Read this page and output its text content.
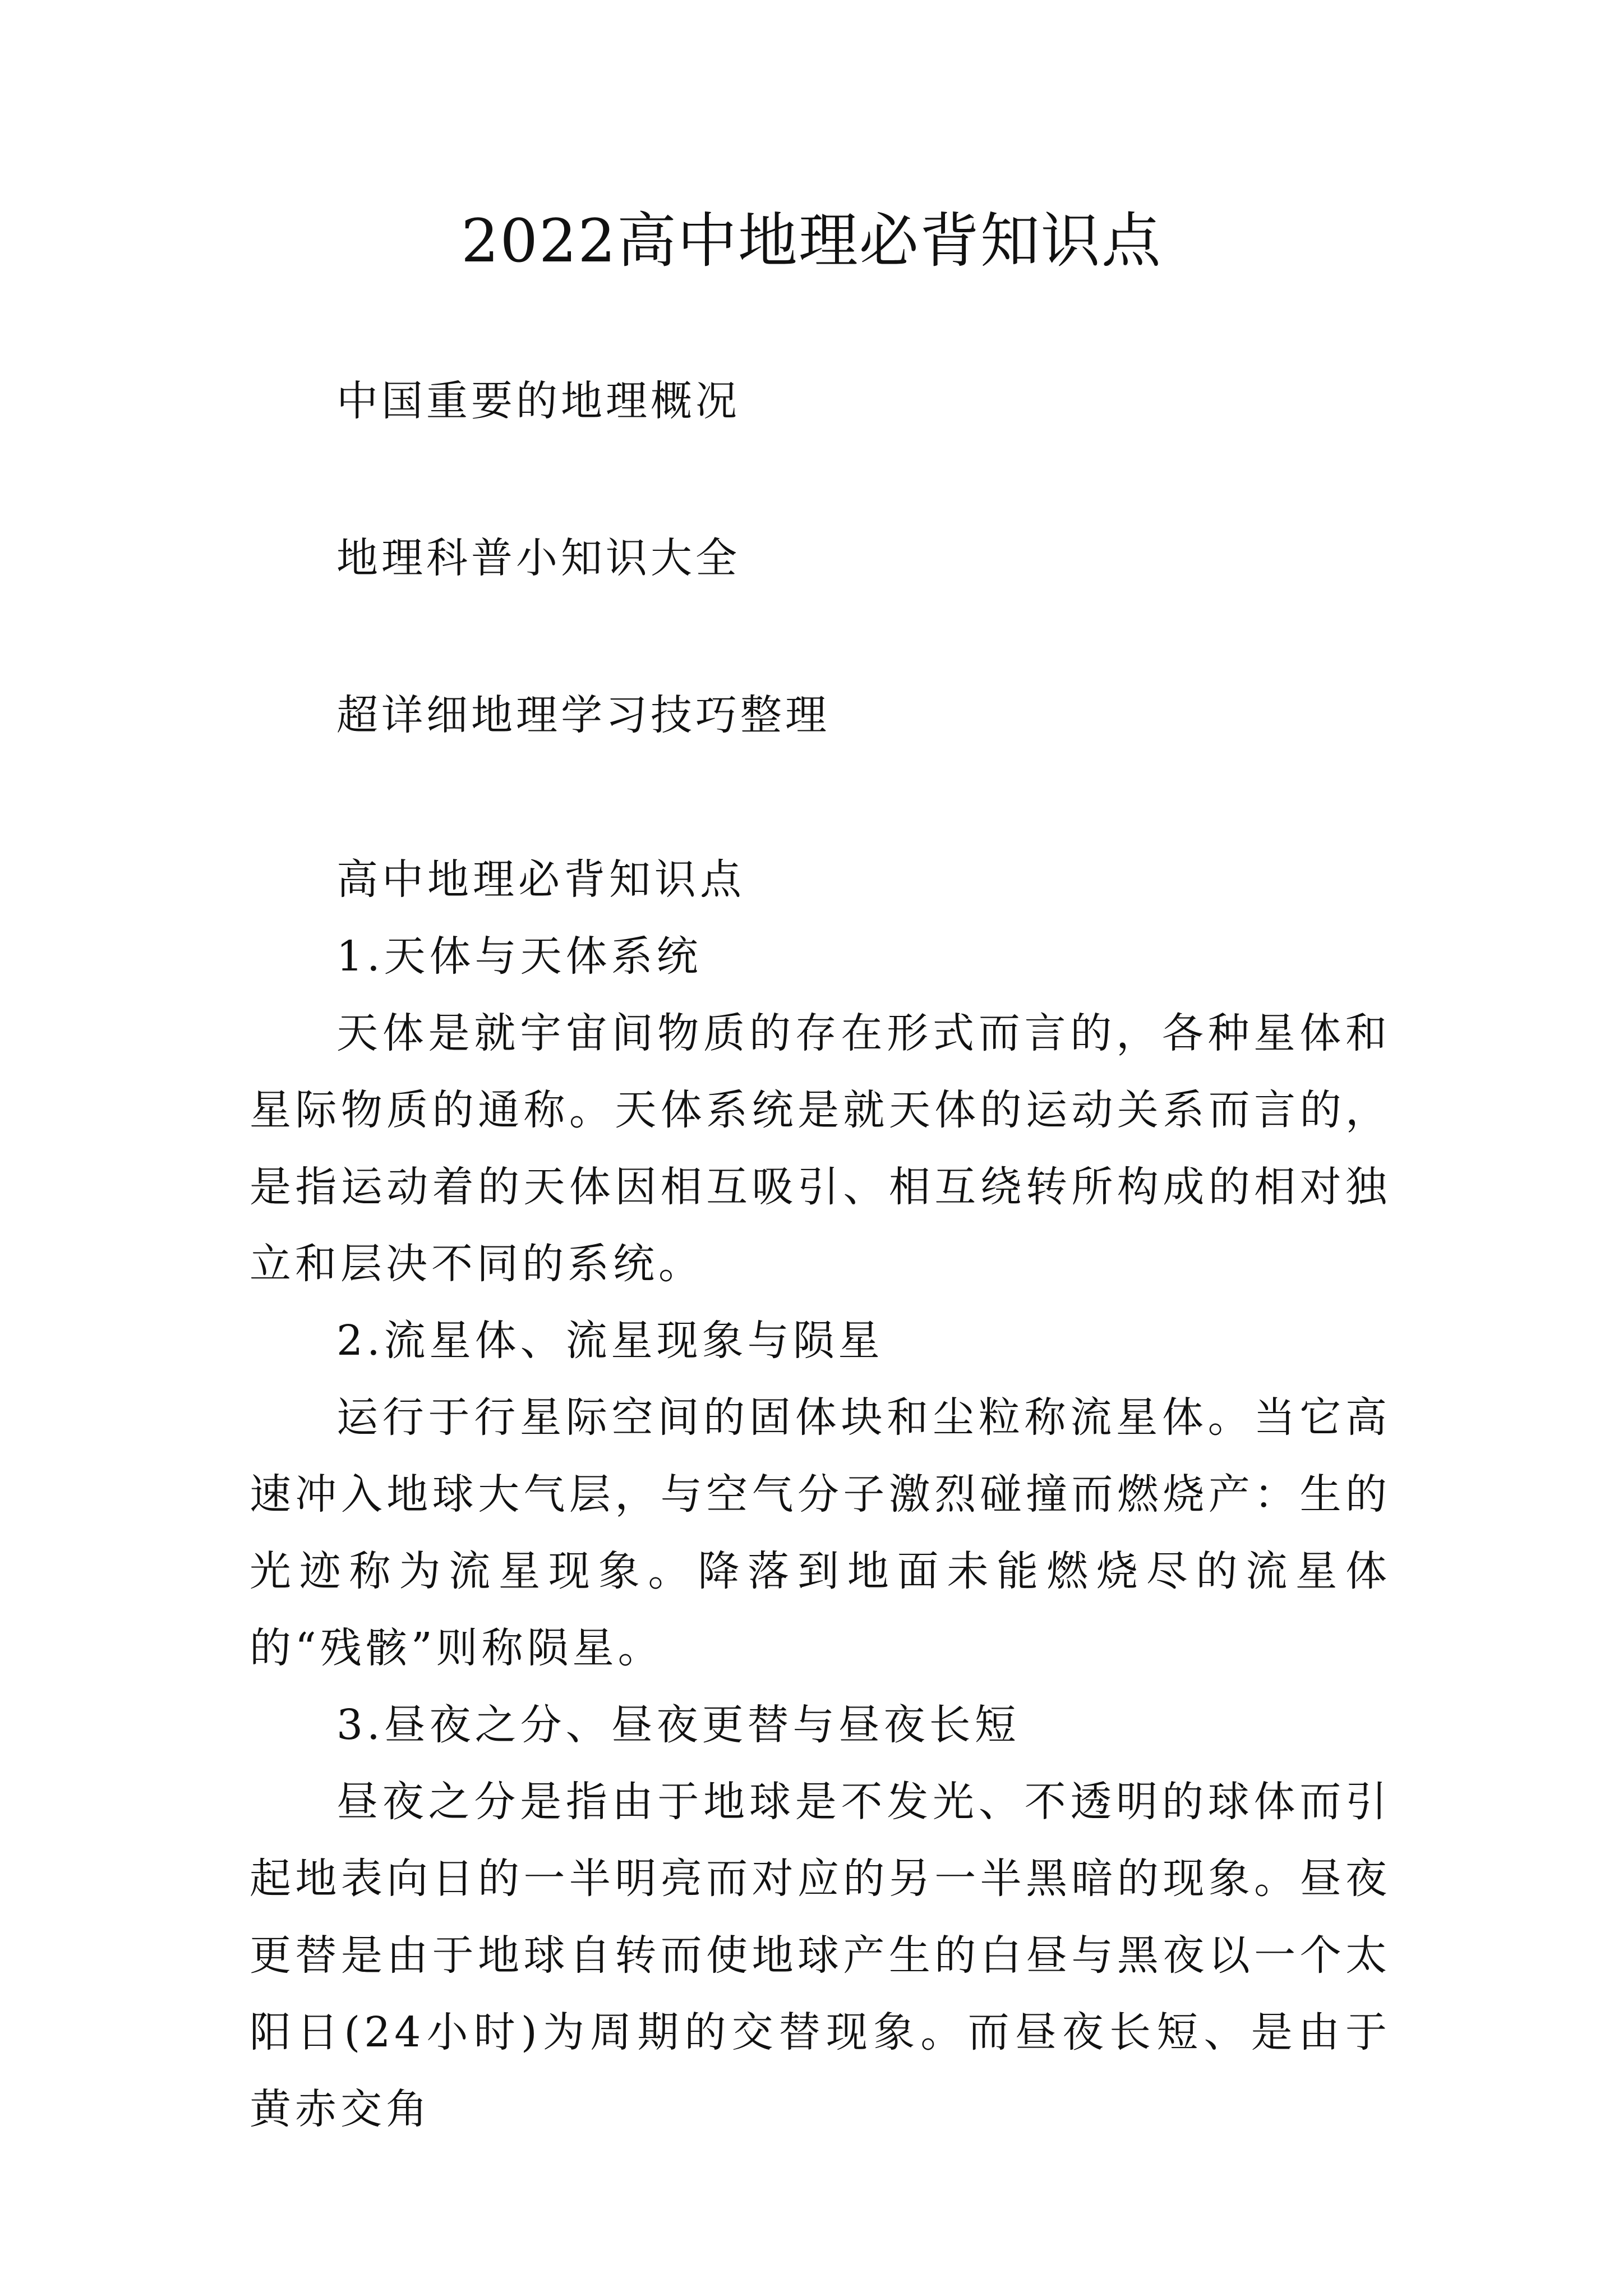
2022高中地理必背知识点
中国重要的地理概况
地理科普小知识大全
超详细地理学习技巧整理

高中地理必背知识点

1.天体与天体系统

天体是就宇宙间物质的存在形式而言的，各种星体和星际物质的通称。天体系统是就天体的运动关系而言的，是指运动着的天体因相互吸引、相互绕转所构成的相对独立和层决不同的系统。

2.流星体、流星现象与陨星

运行于行星际空间的固体块和尘粒称流星体。当它高速冲入地球大气层，与空气分子激烈碰撞而燃烧产：生的光迹称为流星现象。降落到地面未能燃烧尽的流星体的“残骸”则称陨星。

3.昼夜之分、昼夜更替与昼夜长短

昼夜之分是指由于地球是不发光、不透明的球体而引起地表向日的一半明亮而对应的另一半黑暗的现象。昼夜更替是由于地球自转而使地球产生的白昼与黑夜以一个太阳日(24小时)为周期的交替现象。而昼夜长短、是由于黄赤交角
